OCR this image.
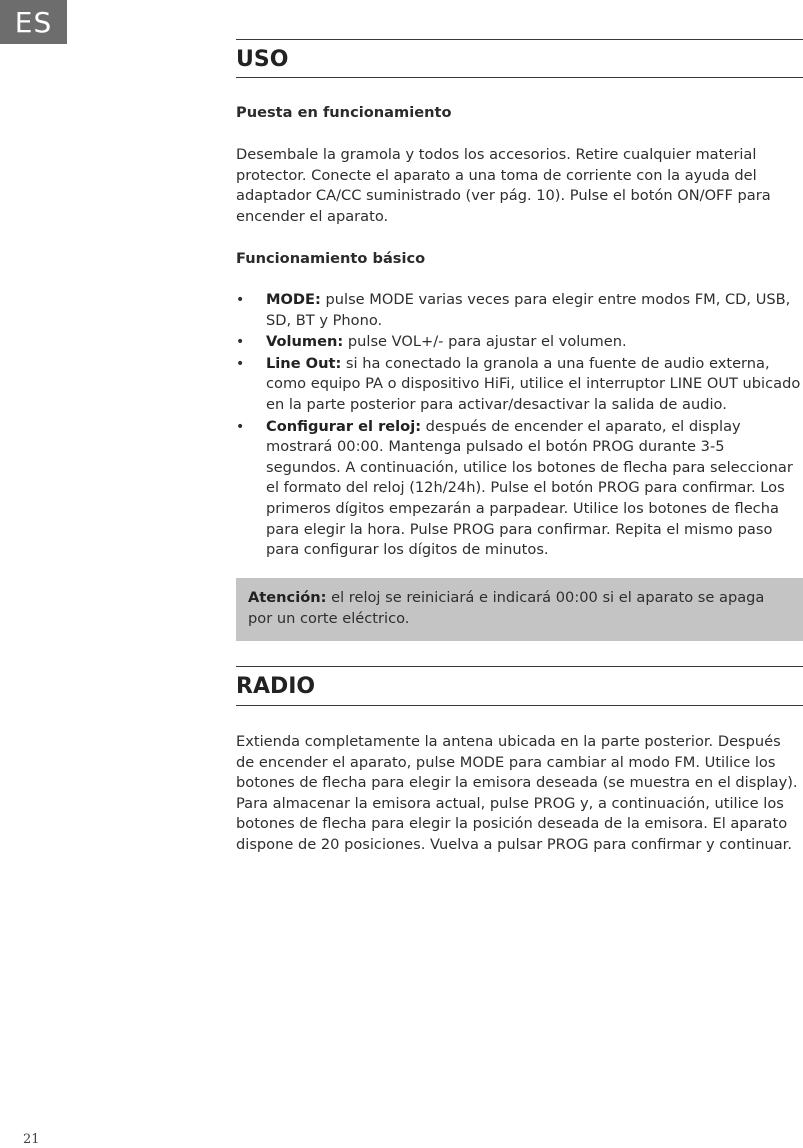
ES
USO
Puesta en funcionamiento
Desembale la gramola y todos los accesorios. Retire cualquier material protector. Conecte el aparato a una toma de corriente con la ayuda del adaptador CA/CC suministrado (ver pág. 10). Pulse el botón ON/OFF para encender el aparato.
Funcionamiento básico
• MODE: pulse MODE varias veces para elegir entre modos FM, CD, USB, SD, BT y Phono.
• Volumen: pulse VOL+/- para ajustar el volumen.
• Line Out: si ha conectado la granola a una fuente de audio externa, como equipo PA o dispositivo HiFi, utilice el interruptor LINE OUT ubicado en la parte posterior para activar/desactivar la salida de audio.
• Configurar el reloj: después de encender el aparato, el display mostrará 00:00. Mantenga pulsado el botón PROG durante 3-5 segundos. A continuación, utilice los botones de flecha para seleccionar el formato del reloj (12h/24h). Pulse el botón PROG para confirmar. Los primeros dígitos empezarán a parpadear. Utilice los botones de flecha para elegir la hora. Pulse PROG para confirmar. Repita el mismo paso para configurar los dígitos de minutos.
Atención: el reloj se reiniciará e indicará 00:00 si el aparato se apaga por un corte eléctrico.
RADIO
Extienda completamente la antena ubicada en la parte posterior. Después de encender el aparato, pulse MODE para cambiar al modo FM. Utilice los botones de flecha para elegir la emisora deseada (se muestra en el display). Para almacenar la emisora actual, pulse PROG y, a continuación, utilice los botones de flecha para elegir la posición deseada de la emisora. El aparato dispone de 20 posiciones. Vuelva a pulsar PROG para confirmar y continuar.
21
